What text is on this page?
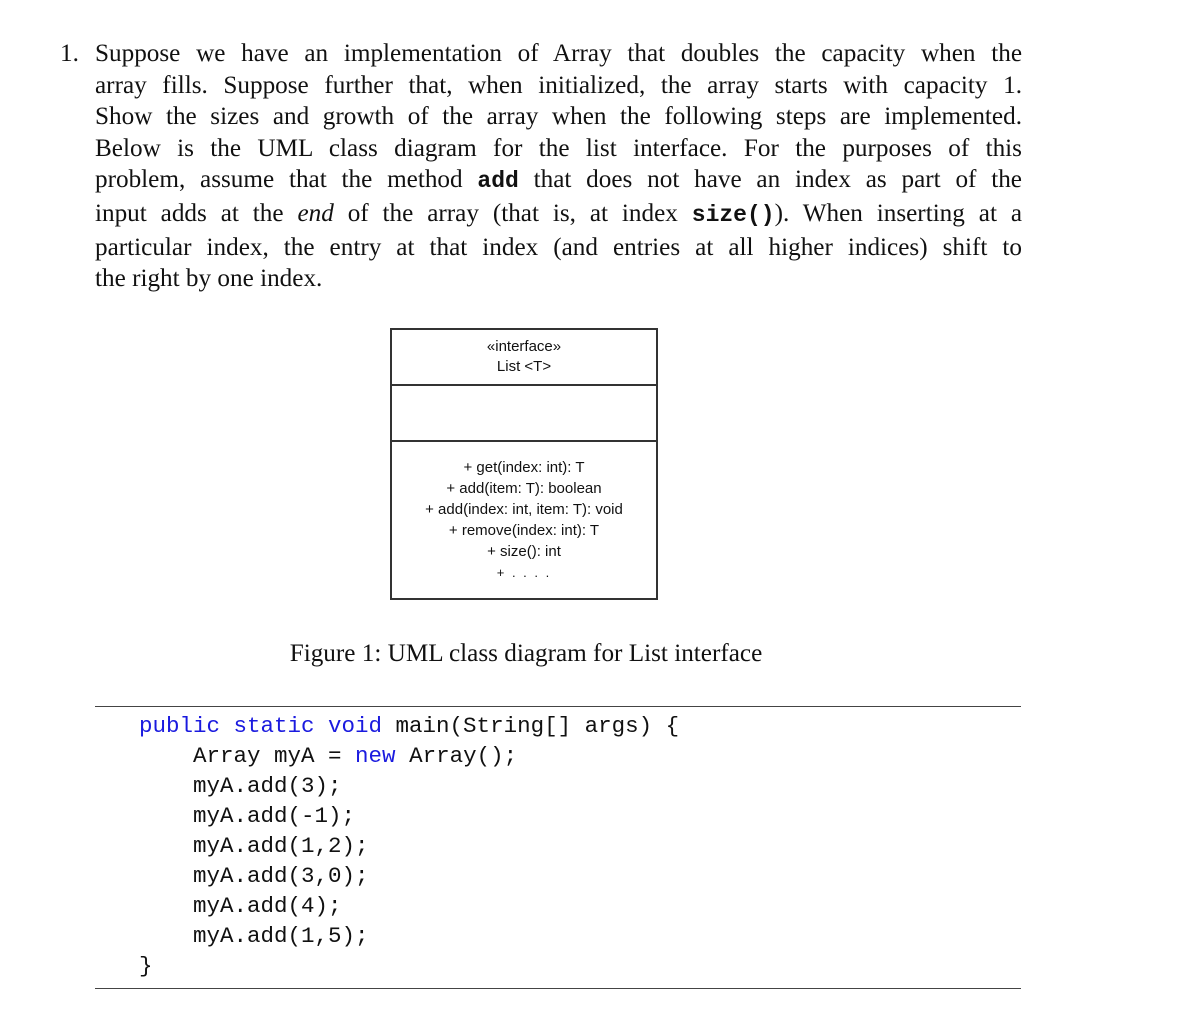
1. Suppose we have an implementation of Array that doubles the capacity when the
array fills. Suppose further that, when initialized, the array starts with capacity 1.
Show the sizes and growth of the array when the following steps are implemented.
Below is the UML class diagram for the list interface. For the purposes of this
problem, assume that the method add that does not have an index as part of the
input adds at the end of the array (that is, at index size()). When inserting at a
particular index, the entry at that index (and entries at all higher indices) shift to
the right by one index.
«interface»
List <T>
+ get(index: int): T
+ add(item: T): boolean
+ add(index: int, item: T): void
+ remove(index: int): T
+ size(): int
+ . . . .
Figure 1: UML class diagram for List interface
public static void main(String[] args) {
Array myA = new Array();
myA.add(3);
myA.add(-1);
myA.add(1,2);
myA.add(3,0);
myA.add(4);
myA.add(1,5);
}
